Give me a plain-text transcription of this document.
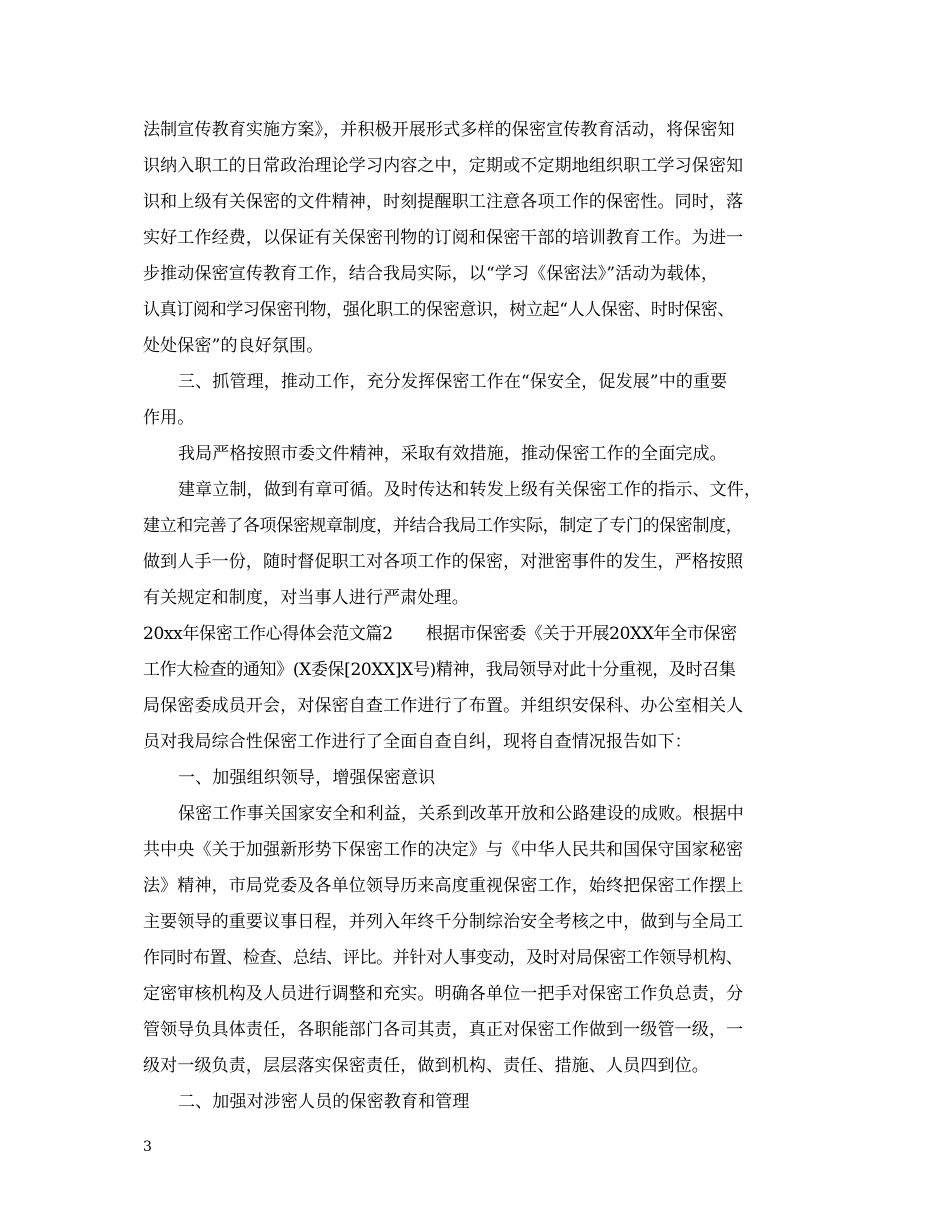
法制宣传教育实施方案》，并积极开展形式多样的保密宣传教育活动，将保密知
识纳入职工的日常政治理论学习内容之中，定期或不定期地组织职工学习保密知
识和上级有关保密的文件精神，时刻提醒职工注意各项工作的保密性。同时，落
实好工作经费，以保证有关保密刊物的订阅和保密干部的培训教育工作。为进一
步推动保密宣传教育工作，结合我局实际，以“学习《保密法》”活动为载体，
认真订阅和学习保密刊物，强化职工的保密意识，树立起“人人保密、时时保密、
处处保密”的良好氛围。
三、抓管理，推动工作，充分发挥保密工作在“保安全，促发展”中的重要
作用。
我局严格按照市委文件精神，采取有效措施，推动保密工作的全面完成。
建章立制，做到有章可循。及时传达和转发上级有关保密工作的指示、文件，
建立和完善了各项保密规章制度，并结合我局工作实际，制定了专门的保密制度，
做到人手一份，随时督促职工对各项工作的保密，对泄密事件的发生，严格按照
有关规定和制度，对当事人进行严肃处理。
20xx年保密工作心得体会范文篇2　　根据市保密委《关于开展20XX年全市保密
工作大检查的通知》(X委保[20XX]X号)精神，我局领导对此十分重视，及时召集
局保密委成员开会，对保密自查工作进行了布置。并组织安保科、办公室相关人
员对我局综合性保密工作进行了全面自查自纠，现将自查情况报告如下：
一、加强组织领导，增强保密意识
保密工作事关国家安全和利益，关系到改革开放和公路建设的成败。根据中
共中央《关于加强新形势下保密工作的决定》与《中华人民共和国保守国家秘密
法》精神，市局党委及各单位领导历来高度重视保密工作，始终把保密工作摆上
主要领导的重要议事日程，并列入年终千分制综治安全考核之中，做到与全局工
作同时布置、检查、总结、评比。并针对人事变动，及时对局保密工作领导机构、
定密审核机构及人员进行调整和充实。明确各单位一把手对保密工作负总责，分
管领导负具体责任，各职能部门各司其责，真正对保密工作做到一级管一级，一
级对一级负责，层层落实保密责任，做到机构、责任、措施、人员四到位。
二、加强对涉密人员的保密教育和管理
3
